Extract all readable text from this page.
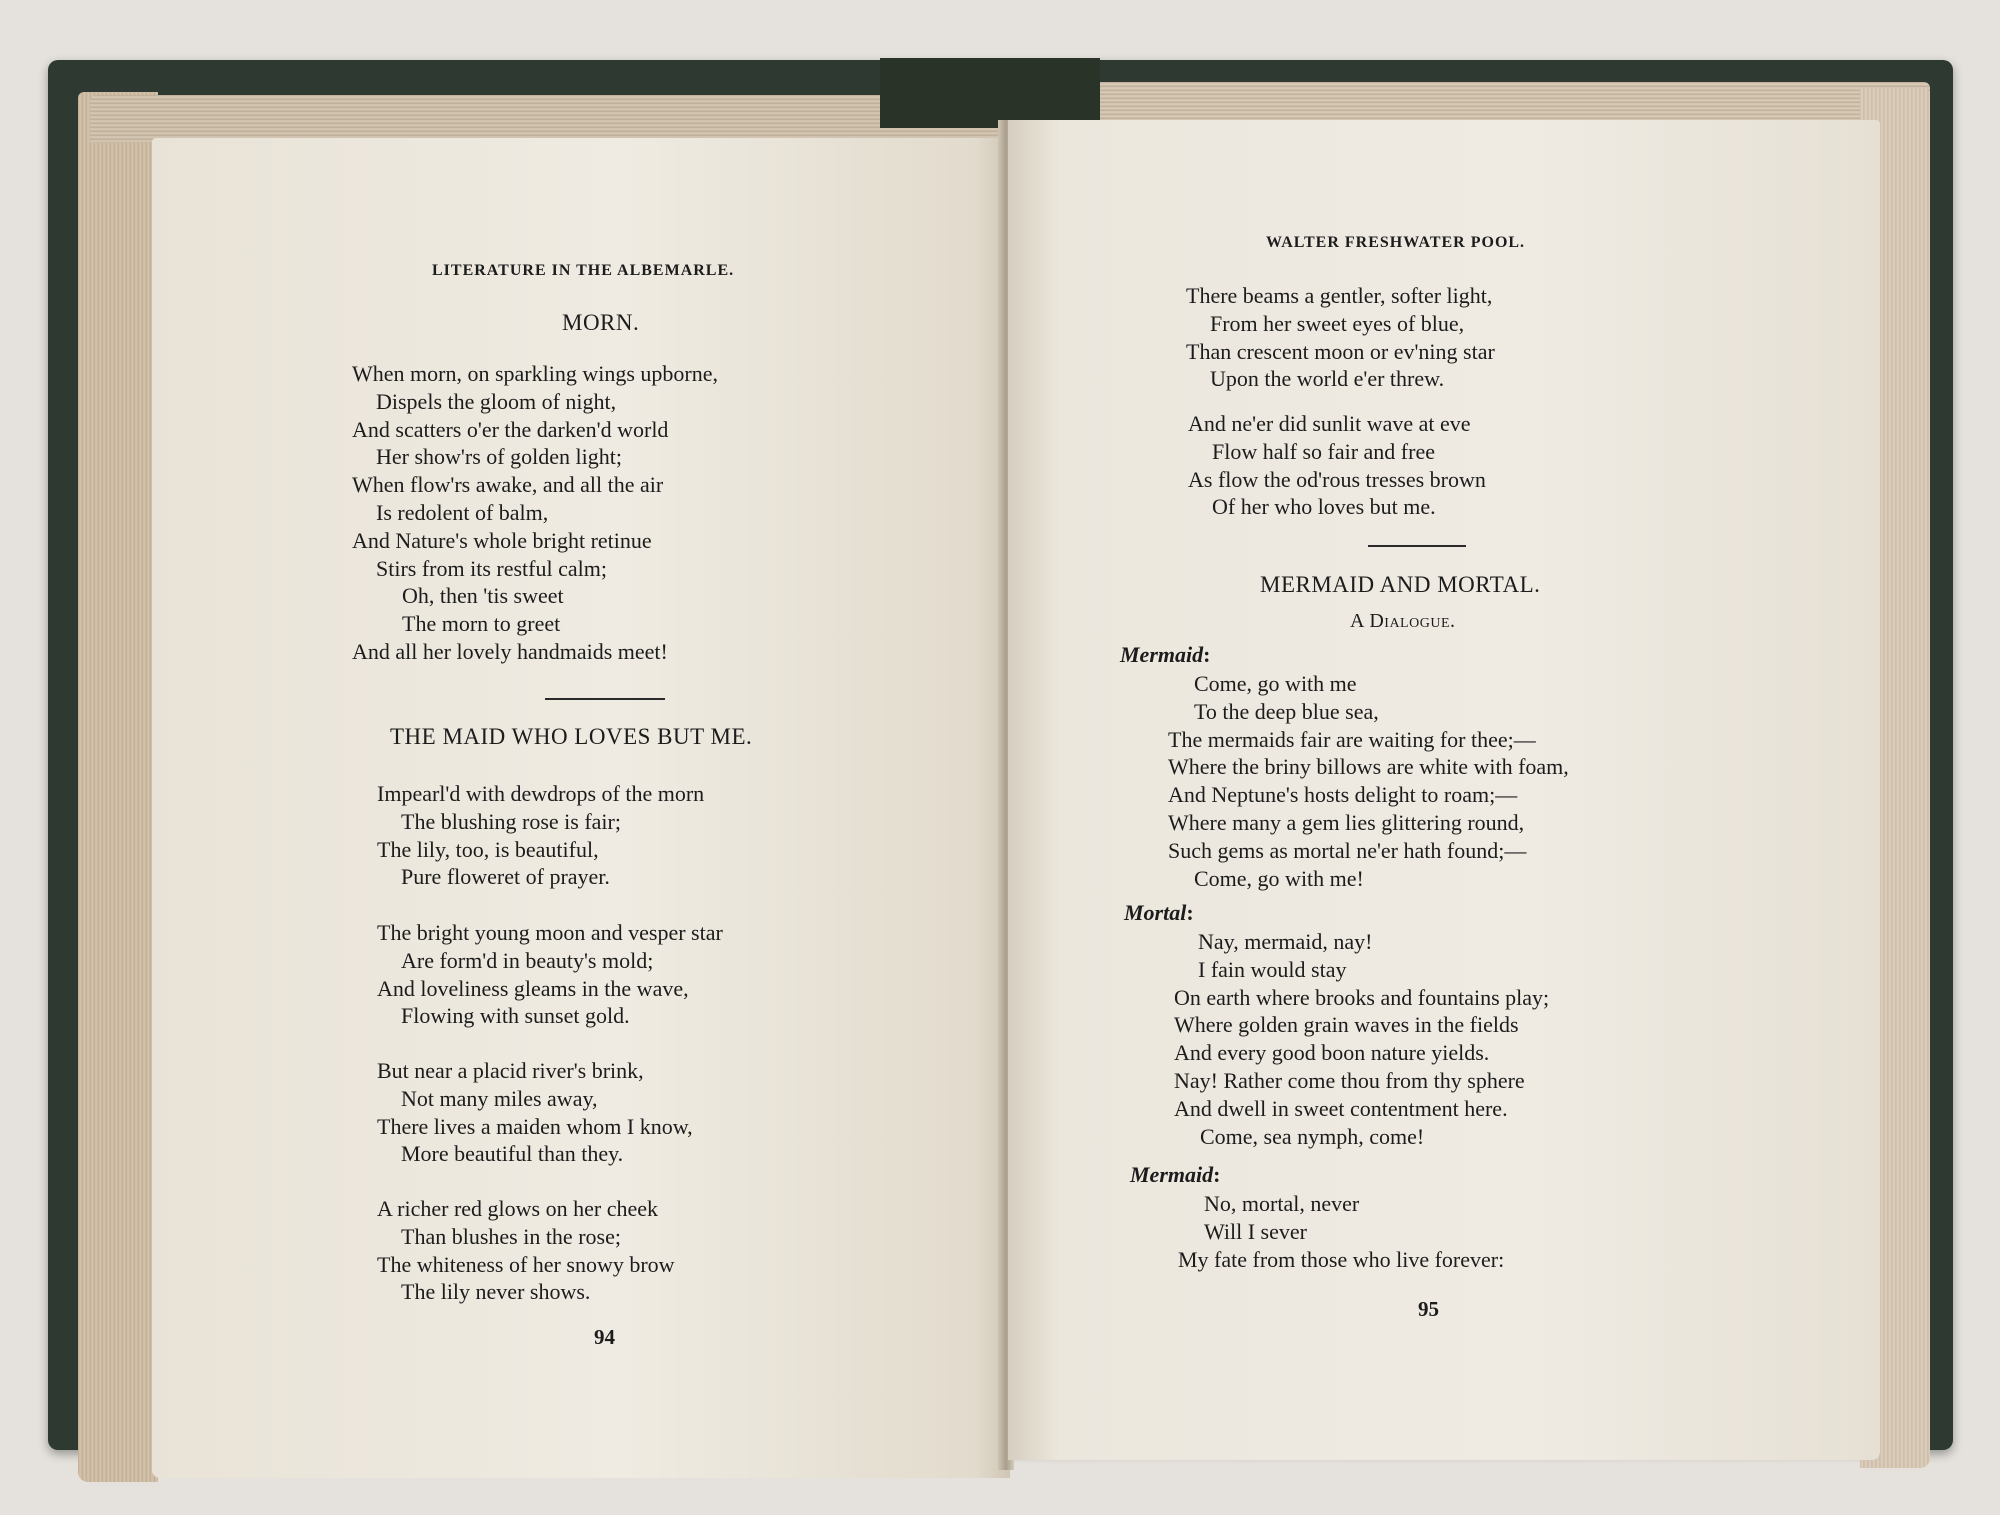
LITERATURE IN THE ALBEMARLE.
MORN.
When morn, on sparkling wings upborne,
Dispels the gloom of night,
And scatters o'er the darken'd world
Her show'rs of golden light;
When flow'rs awake, and all the air
Is redolent of balm,
And Nature's whole bright retinue
Stirs from its restful calm;
Oh, then 'tis sweet
The morn to greet
And all her lovely handmaids meet!
THE MAID WHO LOVES BUT ME.
Impearl'd with dewdrops of the morn
The blushing rose is fair;
The lily, too, is beautiful,
Pure floweret of prayer.
The bright young moon and vesper star
Are form'd in beauty's mold;
And loveliness gleams in the wave,
Flowing with sunset gold.
But near a placid river's brink,
Not many miles away,
There lives a maiden whom I know,
More beautiful than they.
A richer red glows on her cheek
Than blushes in the rose;
The whiteness of her snowy brow
The lily never shows.
94
WALTER FRESHWATER POOL.
There beams a gentler, softer light,
From her sweet eyes of blue,
Than crescent moon or ev'ning star
Upon the world e'er threw.
And ne'er did sunlit wave at eve
Flow half so fair and free
As flow the od'rous tresses brown
Of her who loves but me.
MERMAID AND MORTAL.
A Dialogue.
Mermaid:
Come, go with me
To the deep blue sea,
The mermaids fair are waiting for thee;—
Where the briny billows are white with foam,
And Neptune's hosts delight to roam;—
Where many a gem lies glittering round,
Such gems as mortal ne'er hath found;—
Come, go with me!
Mortal:
Nay, mermaid, nay!
I fain would stay
On earth where brooks and fountains play;
Where golden grain waves in the fields
And every good boon nature yields.
Nay! Rather come thou from thy sphere
And dwell in sweet contentment here.
Come, sea nymph, come!
Mermaid:
No, mortal, never
Will I sever
My fate from those who live forever:
95
